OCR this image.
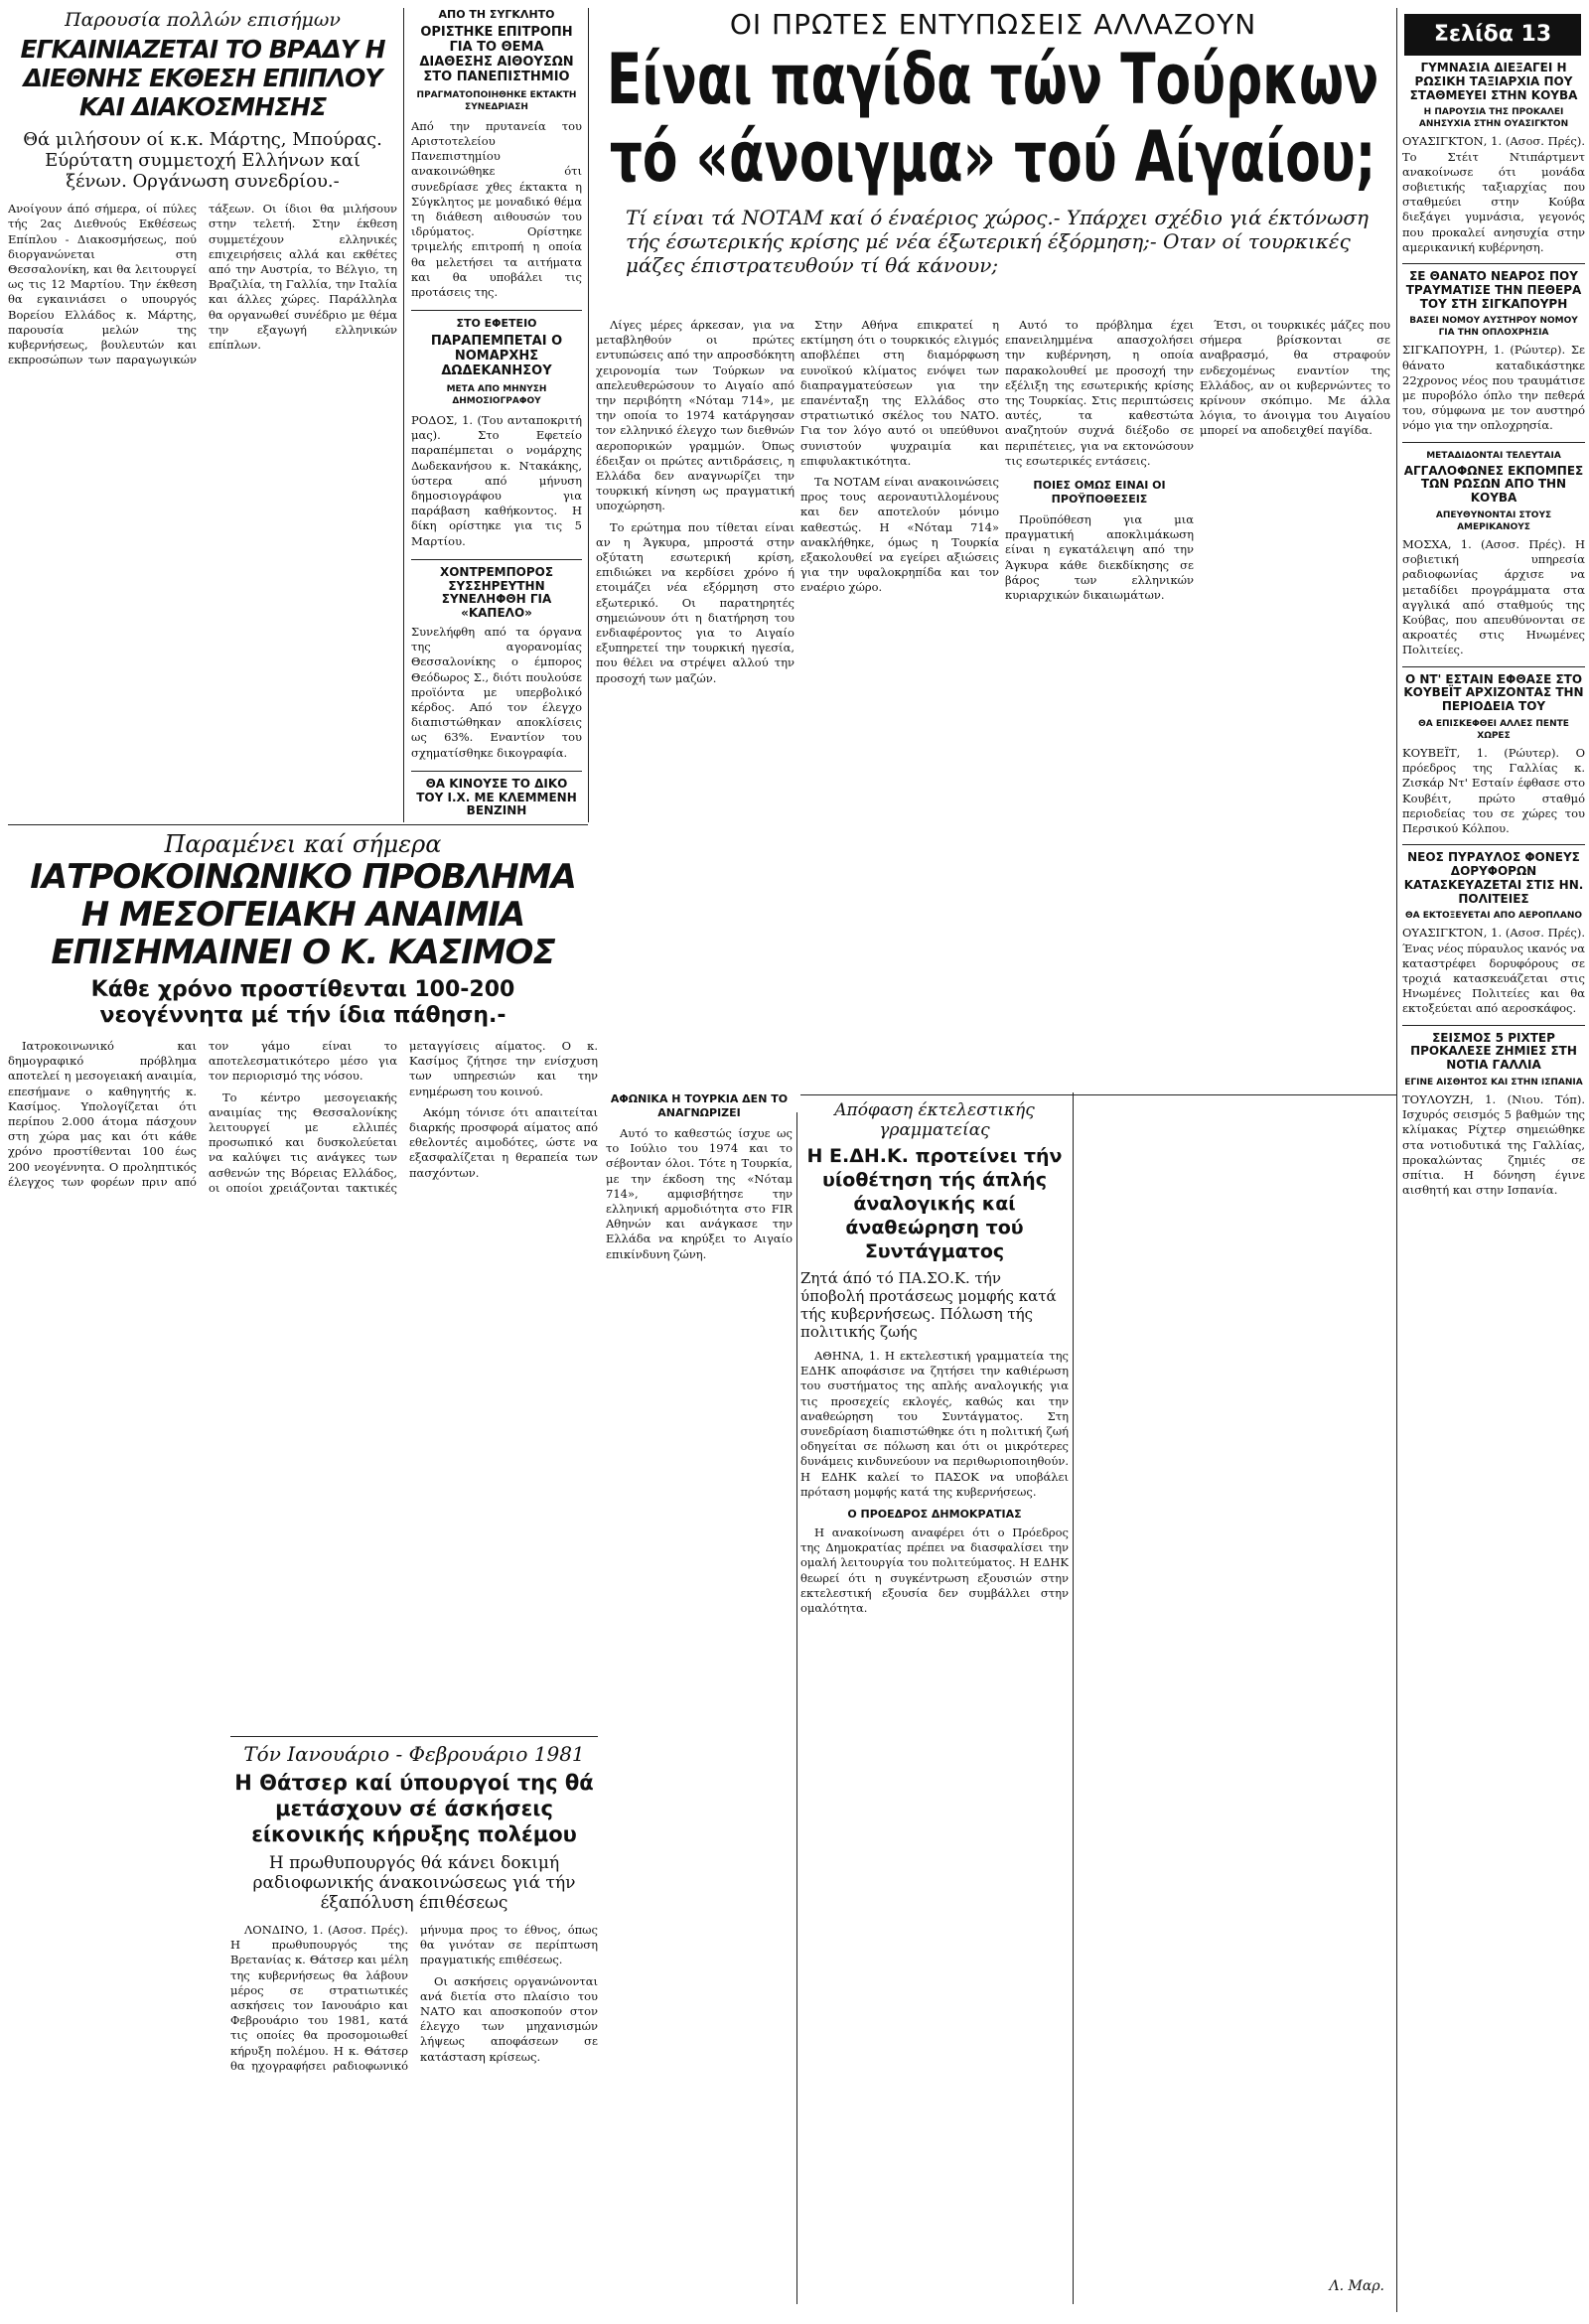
Παρουσία πολλών επισήμων
ΕΓΚΑΙΝΙΑΖΕΤΑΙ ΤΟ ΒΡΑΔΥ Η ΔΙΕΘΝΗΣ ΕΚΘΕΣΗ ΕΠΙΠΛΟΥ ΚΑΙ ΔΙΑΚΟΣΜΗΣΗΣ
Θά μιλήσουν οί κ.κ. Μάρτης, Μπούρας. Εύρύτατη συμμετοχή Ελλήνων καί ξένων. Οργάνωση συνεδρίου.-
Ανοίγουν άπό σήμερα, οί πύλες τής 2ας Διεθνούς Εκθέσεως Επίπλου - Διακοσμήσεως, πού διοργανώνεται στη Θεσσαλονίκη, και θα λειτουργεί ως τις 12 Μαρτίου. Την έκθεση θα εγκαινιάσει ο υπουργός Βορείου Ελλάδος κ. Μάρτης, παρουσία μελών της κυβερνήσεως, βουλευτών και εκπροσώπων των παραγωγικών τάξεων. Οι ίδιοι θα μιλήσουν στην τελετή. Στην έκθεση συμμετέχουν ελληνικές επιχειρήσεις αλλά και εκθέτες από την Αυστρία, το Βέλγιο, τη Βραζιλία, τη Γαλλία, την Ιταλία και άλλες χώρες. Παράλληλα θα οργανωθεί συνέδριο με θέμα την εξαγωγή ελληνικών επίπλων.
ΑΠΟ ΤΗ ΣΥΓΚΛΗΤΟ
ΟΡΙΣΤΗΚΕ ΕΠΙΤΡΟΠΗ ΓΙΑ ΤΟ ΘΕΜΑ ΔΙΑΘΕΣΗΣ ΑΙΘΟΥΣΩΝ ΣΤΟ ΠΑΝΕΠΙΣΤΗΜΙΟ
ΠΡΑΓΜΑΤΟΠΟΙΗΘΗΚΕ ΕΚΤΑΚΤΗ ΣΥΝΕΔΡΙΑΣΗ
Από την πρυτανεία του Αριστοτελείου Πανεπιστημίου ανακοινώθηκε ότι συνεδρίασε χθες έκτακτα η Σύγκλητος με μοναδικό θέμα τη διάθεση αιθουσών του ιδρύματος. Ορίστηκε τριμελής επιτροπή η οποία θα μελετήσει τα αιτήματα και θα υποβάλει τις προτάσεις της.
ΣΤΟ ΕΦΕΤΕΙΟ
ΠΑΡΑΠΕΜΠΕΤΑΙ Ο ΝΟΜΑΡΧΗΣ ΔΩΔΕΚΑΝΗΣΟΥ
ΜΕΤΑ ΑΠΟ ΜΗΝΥΣΗ ΔΗΜΟΣΙΟΓΡΑΦΟΥ
ΡΟΔΟΣ, 1. (Του ανταποκριτή μας). Στο Εφετείο παραπέμπεται ο νομάρχης Δωδεκανήσου κ. Ντακάκης, ύστερα από μήνυση δημοσιογράφου για παράβαση καθήκοντος. Η δίκη ορίστηκε για τις 5 Μαρτίου.
ΧΟΝΤΡΕΜΠΟΡΟΣ ΣΥΣΣΗΡΕΥΤΗΝ ΣΥΝΕΛΗΦΘΗ ΓΙΑ «ΚΑΠΕΛΟ»
Συνελήφθη από τα όργανα της αγορανομίας Θεσσαλονίκης ο έμπορος Θεόδωρος Σ., διότι πουλούσε προϊόντα με υπερβολικό κέρδος. Από τον έλεγχο διαπιστώθηκαν αποκλίσεις ως 63%. Εναντίον του σχηματίσθηκε δικογραφία.
ΘΑ ΚΙΝΟΥΣΕ ΤΟ ΔΙΚΟ ΤΟΥ Ι.Χ. ΜΕ ΚΛΕΜΜΕΝΗ ΒΕΝΖΙΝΗ
ΟΙ ΠΡΩΤΕΣ ΕΝΤΥΠΩΣΕΙΣ ΑΛΛΑΖΟΥΝ
Είναι παγίδα τών Τούρκων
τό «άνοιγμα» τού Αίγαίου;
Τί είναι τά ΝΟΤΑΜ καί ό έναέριος χώρος.- Υπάρχει σχέδιο γιά έκτόνωση τής έσωτερικής κρίσης μέ νέα έξωτερική έξόρμηση;- Οταν οί τουρκικές μάζες έπιστρατευθούν τί θά κάνουν;
Σελίδα 13

Λίγες μέρες άρκεσαν, για να μεταβληθούν οι πρώτες εντυπώσεις από την απροσδόκητη χειρονομία των Τούρκων να απελευθερώσουν το Αιγαίο από την περιβόητη «Νόταμ 714», με την οποία το 1974 κατάργησαν τον ελληνικό έλεγχο των διεθνών αεροπορικών γραμμών. Όπως έδειξαν οι πρώτες αντιδράσεις, η Ελλάδα δεν αναγνωρίζει την τουρκική κίνηση ως πραγματική υποχώρηση.

Το ερώτημα που τίθεται είναι αν η Άγκυρα, μπροστά στην οξύτατη εσωτερική κρίση, επιδιώκει να κερδίσει χρόνο ή ετοιμάζει νέα εξόρμηση στο εξωτερικό. Οι παρατηρητές σημειώνουν ότι η διατήρηση του ενδιαφέροντος για το Αιγαίο εξυπηρετεί την τουρκική ηγεσία, που θέλει να στρέψει αλλού την προσοχή των μαζών.

Στην Αθήνα επικρατεί η εκτίμηση ότι ο τουρκικός ελιγμός αποβλέπει στη διαμόρφωση ευνοϊκού κλίματος ενόψει των διαπραγματεύσεων για την επανένταξη της Ελλάδος στο στρατιωτικό σκέλος του ΝΑΤΟ. Για τον λόγο αυτό οι υπεύθυνοι συνιστούν ψυχραιμία και επιφυλακτικότητα.

Τα ΝΟΤΑΜ είναι ανακοινώσεις προς τους αεροναυτιλλομένους και δεν αποτελούν μόνιμο καθεστώς. Η «Νόταμ 714» ανακλήθηκε, όμως η Τουρκία εξακολουθεί να εγείρει αξιώσεις για την υφαλοκρηπίδα και τον εναέριο χώρο.

Αυτό το πρόβλημα έχει επανειλημμένα απασχολήσει την κυβέρνηση, η οποία παρακολουθεί με προσοχή την εξέλιξη της εσωτερικής κρίσης της Τουρκίας. Στις περιπτώσεις αυτές, τα καθεστώτα αναζητούν συχνά διέξοδο σε περιπέτειες, για να εκτονώσουν τις εσωτερικές εντάσεις.

ΠΟΙΕΣ ΟΜΩΣ ΕΙΝΑΙ ΟΙ ΠΡΟΫΠΟΘΕΣΕΙΣ

Προϋπόθεση για μια πραγματική αποκλιμάκωση είναι η εγκατάλειψη από την Άγκυρα κάθε διεκδίκησης σε βάρος των ελληνικών κυριαρχικών δικαιωμάτων.

Έτσι, οι τουρκικές μάζες που σήμερα βρίσκονται σε αναβρασμό, θα στραφούν ενδεχομένως εναντίον της Ελλάδος, αν οι κυβερνώντες το κρίνουν σκόπιμο. Με άλλα λόγια, το άνοιγμα του Αιγαίου μπορεί να αποδειχθεί παγίδα.

Παραμένει καί σήμερα
ΙΑΤΡΟΚΟΙΝΩΝΙΚΟ ΠΡΟΒΛΗΜΑ
Η ΜΕΣΟΓΕΙΑΚΗ ΑΝΑΙΜΙΑ
ΕΠΙΣΗΜΑΙΝΕΙ Ο Κ. ΚΑΣΙΜΟΣ
Κάθε χρόνο προστίθενται 100-200 νεογέννητα μέ τήν ίδια πάθηση.-

Ιατροκοινωνικό και δημογραφικό πρόβλημα αποτελεί η μεσογειακή αναιμία, επεσήμανε ο καθηγητής κ. Κασίμος. Υπολογίζεται ότι περίπου 2.000 άτομα πάσχουν στη χώρα μας και ότι κάθε χρόνο προστίθενται 100 έως 200 νεογέννητα. Ο προληπτικός έλεγχος των φορέων πριν από τον γάμο είναι το αποτελεσματικότερο μέσο για τον περιορισμό της νόσου.

Το κέντρο μεσογειακής αναιμίας της Θεσσαλονίκης λειτουργεί με ελλιπές προσωπικό και δυσκολεύεται να καλύψει τις ανάγκες των ασθενών της Βόρειας Ελλάδος, οι οποίοι χρειάζονται τακτικές μεταγγίσεις αίματος. Ο κ. Κασίμος ζήτησε την ενίσχυση των υπηρεσιών και την ενημέρωση του κοινού.

Ακόμη τόνισε ότι απαιτείται διαρκής προσφορά αίματος από εθελοντές αιμοδότες, ώστε να εξασφαλίζεται η θεραπεία των πασχόντων.

Τόν Ιανουάριο - Φεβρουάριο 1981
Η Θάτσερ καί ύπουργοί της θά μετάσχουν σέ άσκήσεις είκονικής κήρυξης πολέμου
Η πρωθυπουργός θά κάνει δοκιμή ραδιοφωνικής άνακοινώσεως γιά τήν έξαπόλυση έπιθέσεως

ΛΟΝΔΙΝΟ, 1. (Ασοσ. Πρές). Η πρωθυπουργός της Βρετανίας κ. Θάτσερ και μέλη της κυβερνήσεως θα λάβουν μέρος σε στρατιωτικές ασκήσεις τον Ιανουάριο και Φεβρουάριο του 1981, κατά τις οποίες θα προσομοιωθεί κήρυξη πολέμου. Η κ. Θάτσερ θα ηχογραφήσει ραδιοφωνικό μήνυμα προς το έθνος, όπως θα γινόταν σε περίπτωση πραγματικής επιθέσεως.

Οι ασκήσεις οργανώνονται ανά διετία στο πλαίσιο του ΝΑΤΟ και αποσκοπούν στον έλεγχο των μηχανισμών λήψεως αποφάσεων σε κατάσταση κρίσεως.

Απόφαση έκτελεστικής γραμματείας
Η Ε.ΔΗ.Κ. προτείνει τήν υίοθέτηση τής άπλής άναλογικής καί άναθεώρηση τού Συντάγματος
Ζητά άπό τό ΠΑ.ΣΟ.Κ. τήν ύποβολή προτάσεως μομφής κατά τής κυβερνήσεως. Πόλωση τής πολιτικής ζωής

ΑΘΗΝΑ, 1. Η εκτελεστική γραμματεία της ΕΔΗΚ αποφάσισε να ζητήσει την καθιέρωση του συστήματος της απλής αναλογικής για τις προσεχείς εκλογές, καθώς και την αναθεώρηση του Συντάγματος. Στη συνεδρίαση διαπιστώθηκε ότι η πολιτική ζωή οδηγείται σε πόλωση και ότι οι μικρότερες δυνάμεις κινδυνεύουν να περιθωριοποιηθούν. Η ΕΔΗΚ καλεί το ΠΑΣΟΚ να υποβάλει πρόταση μομφής κατά της κυβερνήσεως.

Ο ΠΡΟΕΔΡΟΣ ΔΗΜΟΚΡΑΤΙΑΣ

Η ανακοίνωση αναφέρει ότι ο Πρόεδρος της Δημοκρατίας πρέπει να διασφαλίσει την ομαλή λειτουργία του πολιτεύματος. Η ΕΔΗΚ θεωρεί ότι η συγκέντρωση εξουσιών στην εκτελεστική εξουσία δεν συμβάλλει στην ομαλότητα.

ΑΦΩΝΙΚΑ Η ΤΟΥΡΚΙΑ ΔΕΝ ΤΟ ΑΝΑΓΝΩΡΙΖΕΙ

Αυτό το καθεστώς ίσχυε ως το Ιούλιο του 1974 και το σέβονταν όλοι. Τότε η Τουρκία, με την έκδοση της «Νόταμ 714», αμφισβήτησε την ελληνική αρμοδιότητα στο FIR Αθηνών και ανάγκασε την Ελλάδα να κηρύξει το Αιγαίο επικίνδυνη ζώνη.

Λ. Μαρ.
ΓΥΜΝΑΣΙΑ ΔΙΕΞΑΓΕΙ Η ΡΩΣΙΚΗ ΤΑΞΙΑΡΧΙΑ ΠΟΥ ΣΤΑΘΜΕΥΕΙ ΣΤΗΝ ΚΟΥΒΑ
Η ΠΑΡΟΥΣΙΑ ΤΗΣ ΠΡΟΚΑΛΕΙ ΑΝΗΣΥΧΙΑ ΣΤΗΝ ΟΥΑΣΙΓΚΤΟΝ
ΟΥΑΣΙΓΚΤΟΝ, 1. (Ασοσ. Πρές). Το Στέιτ Ντιπάρτμεντ ανακοίνωσε ότι μονάδα σοβιετικής ταξιαρχίας που σταθμεύει στην Κούβα διεξάγει γυμνάσια, γεγονός που προκαλεί ανησυχία στην αμερικανική κυβέρνηση.
ΣΕ ΘΑΝΑΤΟ ΝΕΑΡΟΣ ΠΟΥ ΤΡΑΥΜΑΤΙΣΕ ΤΗΝ ΠΕΘΕΡΑ ΤΟΥ ΣΤΗ ΣΙΓΚΑΠΟΥΡΗ
ΒΑΣΕΙ ΝΟΜΟΥ ΑΥΣΤΗΡΟΥ ΝΟΜΟΥ ΓΙΑ ΤΗΝ ΟΠΛΟΧΡΗΣΙΑ
ΣΙΓΚΑΠΟΥΡΗ, 1. (Ρώυτερ). Σε θάνατο καταδικάστηκε 22χρονος νέος που τραυμάτισε με πυροβόλο όπλο την πεθερά του, σύμφωνα με τον αυστηρό νόμο για την οπλοχρησία.
ΜΕΤΑΔΙΔΟΝΤΑΙ ΤΕΛΕΥΤΑΙΑ
ΑΓΓΑΛΟΦΩΝΕΣ ΕΚΠΟΜΠΕΣ ΤΩΝ ΡΩΣΩΝ ΑΠΟ ΤΗΝ ΚΟΥΒΑ
ΑΠΕΥΘΥΝΟΝΤΑΙ ΣΤΟΥΣ ΑΜΕΡΙΚΑΝΟΥΣ
ΜΟΣΧΑ, 1. (Ασοσ. Πρές). Η σοβιετική υπηρεσία ραδιοφωνίας άρχισε να μεταδίδει προγράμματα στα αγγλικά από σταθμούς της Κούβας, που απευθύνονται σε ακροατές στις Ηνωμένες Πολιτείες.
Ο ΝΤ' ΕΣΤΑΙΝ ΕΦΘΑΣΕ ΣΤΟ ΚΟΥΒΕΪΤ ΑΡΧΙΖΟΝΤΑΣ ΤΗΝ ΠΕΡΙΟΔΕΙΑ ΤΟΥ
ΘΑ ΕΠΙΣΚΕΦΘΕΙ ΑΛΛΕΣ ΠΕΝΤΕ ΧΩΡΕΣ
ΚΟΥΒΕΪΤ, 1. (Ρώυτερ). Ο πρόεδρος της Γαλλίας κ. Ζισκάρ Ντ' Εσταίν έφθασε στο Κουβέιτ, πρώτο σταθμό περιοδείας του σε χώρες του Περσικού Κόλπου.
ΝΕΟΣ ΠΥΡΑΥΛΟΣ ΦΟΝΕΥΣ ΔΟΡΥΦΟΡΩΝ ΚΑΤΑΣΚΕΥΑΖΕΤΑΙ ΣΤΙΣ ΗΝ. ΠΟΛΙΤΕΙΕΣ
ΘΑ ΕΚΤΟΞΕΥΕΤΑΙ ΑΠΟ ΑΕΡΟΠΛΑΝΟ
ΟΥΑΣΙΓΚΤΟΝ, 1. (Ασοσ. Πρές). Ένας νέος πύραυλος ικανός να καταστρέφει δορυφόρους σε τροχιά κατασκευάζεται στις Ηνωμένες Πολιτείες και θα εκτοξεύεται από αεροσκάφος.
ΣΕΙΣΜΟΣ 5 ΡΙΧΤΕΡ ΠΡΟΚΑΛΕΣΕ ΖΗΜΙΕΣ ΣΤΗ ΝΟΤΙΑ ΓΑΛΛΙΑ
ΕΓΙΝΕ ΑΙΣΘΗΤΟΣ ΚΑΙ ΣΤΗΝ ΙΣΠΑΝΙΑ
ΤΟΥΛΟΥΖΗ, 1. (Νιου. Τόπ). Ισχυρός σεισμός 5 βαθμών της κλίμακας Ρίχτερ σημειώθηκε στα νοτιοδυτικά της Γαλλίας, προκαλώντας ζημιές σε σπίτια. Η δόνηση έγινε αισθητή και στην Ισπανία.
